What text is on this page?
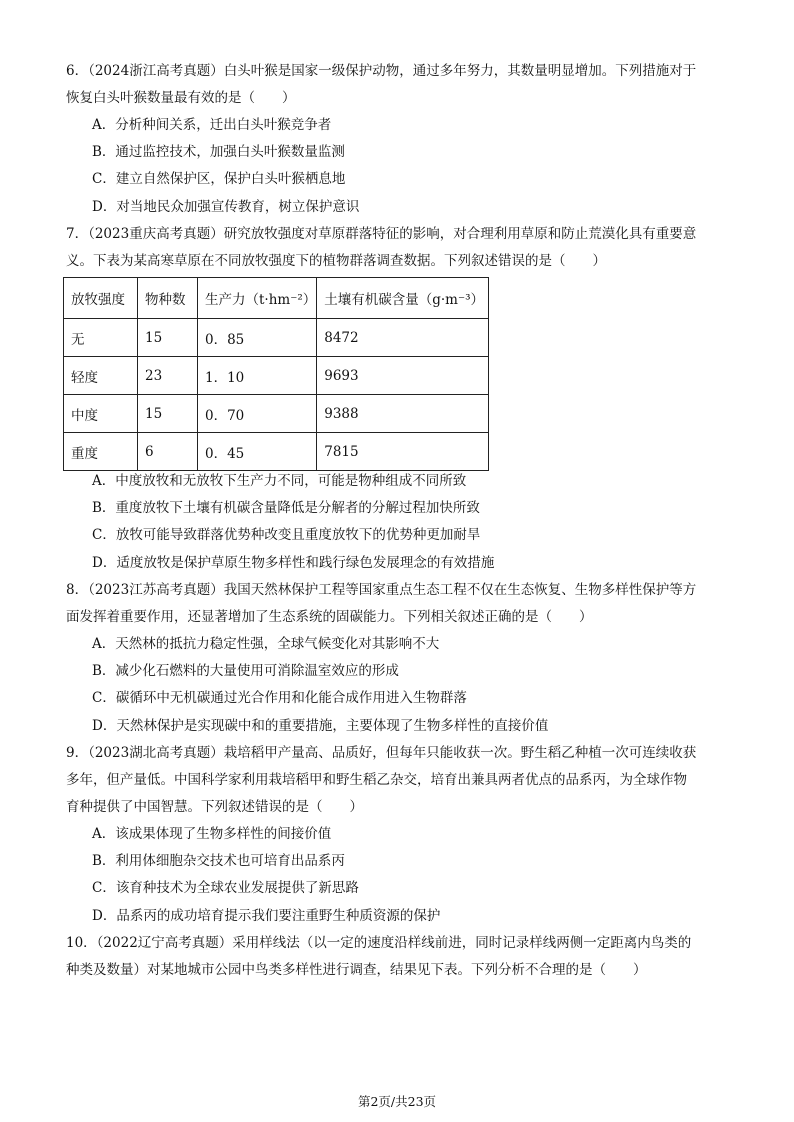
6．（2024浙江高考真题）白头叶猴是国家一级保护动物，通过多年努力，其数量明显增加。下列措施对于
恢复白头叶猴数量最有效的是（　　）
A．分析种间关系，迁出白头叶猴竞争者
B．通过监控技术，加强白头叶猴数量监测
C．建立自然保护区，保护白头叶猴栖息地
D．对当地民众加强宣传教育，树立保护意识
7．（2023重庆高考真题）研究放牧强度对草原群落特征的影响，对合理利用草原和防止荒漠化具有重要意
义。下表为某高寒草原在不同放牧强度下的植物群落调查数据。下列叙述错误的是（　　）
放牧强度	物种数	生产力（t·hm⁻²）	土壤有机碳含量（g·m⁻³）
无	15	0．85	8472
轻度	23	1．10	9693
中度	15	0．70	9388
重度	6	0．45	7815
A．中度放牧和无放牧下生产力不同，可能是物种组成不同所致
B．重度放牧下土壤有机碳含量降低是分解者的分解过程加快所致
C．放牧可能导致群落优势种改变且重度放牧下的优势种更加耐旱
D．适度放牧是保护草原生物多样性和践行绿色发展理念的有效措施
8．（2023江苏高考真题）我国天然林保护工程等国家重点生态工程不仅在生态恢复、生物多样性保护等方
面发挥着重要作用，还显著增加了生态系统的固碳能力。下列相关叙述正确的是（　　）
A．天然林的抵抗力稳定性强，全球气候变化对其影响不大
B．减少化石燃料的大量使用可消除温室效应的形成
C．碳循环中无机碳通过光合作用和化能合成作用进入生物群落
D．天然林保护是实现碳中和的重要措施，主要体现了生物多样性的直接价值
9．（2023湖北高考真题）栽培稻甲产量高、品质好，但每年只能收获一次。野生稻乙种植一次可连续收获
多年，但产量低。中国科学家利用栽培稻甲和野生稻乙杂交，培育出兼具两者优点的品系丙，为全球作物
育种提供了中国智慧。下列叙述错误的是（　　）
A．该成果体现了生物多样性的间接价值
B．利用体细胞杂交技术也可培育出品系丙
C．该育种技术为全球农业发展提供了新思路
D．品系丙的成功培育提示我们要注重野生种质资源的保护
10．（2022辽宁高考真题）采用样线法（以一定的速度沿样线前进，同时记录样线两侧一定距离内鸟类的
种类及数量）对某地城市公园中鸟类多样性进行调查，结果见下表。下列分析不合理的是（　　）
第2页/共23页
